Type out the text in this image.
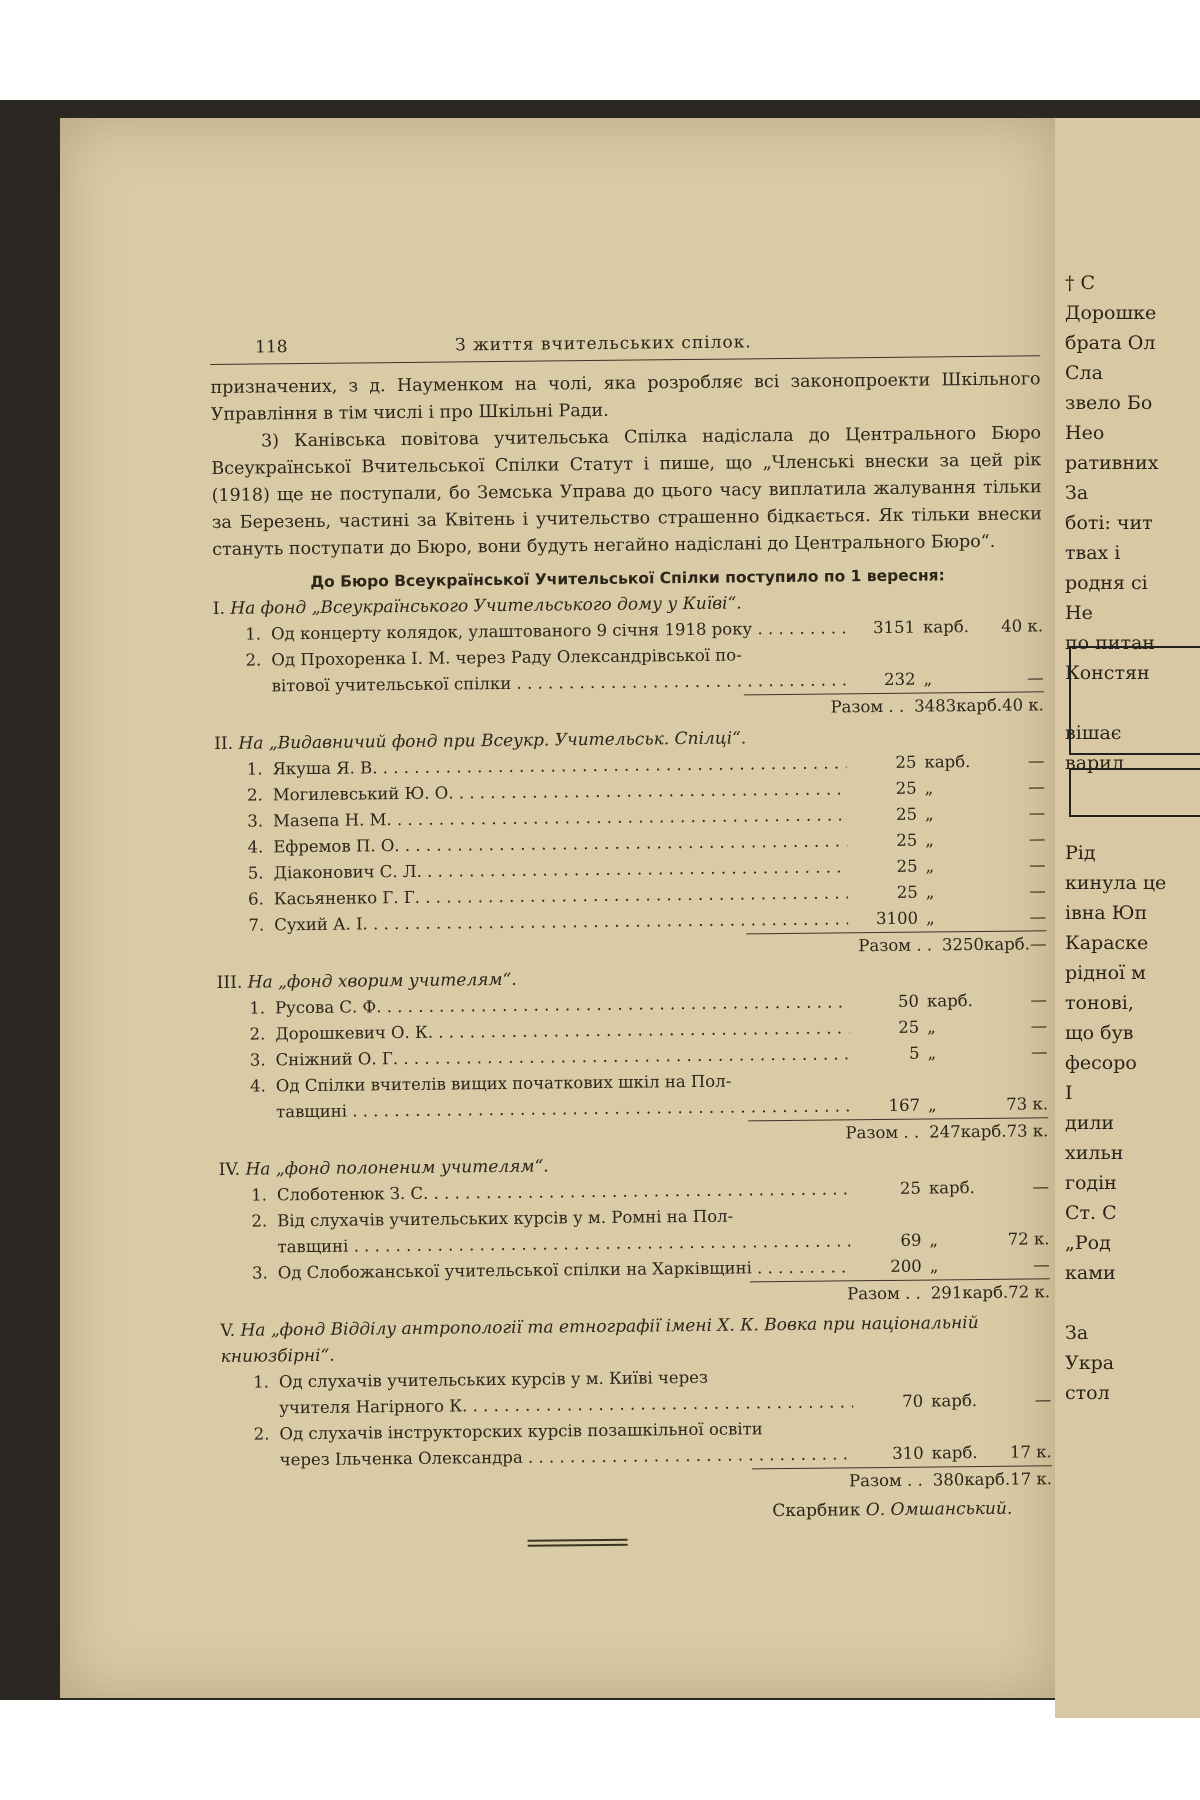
† С
Дорошке
брата Ол
Сла
звело Бо
Нео
ративних
За
боті: чит
твах і
родня сі
Не
по питан
Констян
вішає
варил
Рід
кинула це
івна Юп
Караске
рідної м
тонові,
що був
фесоро
І
дили
хильн
годін
Ст. С
„Род
ками
За
Укра
стол
118	З життя вчительських спілок.

призначених, з д. Науменком на чолі, яка розробляє всі законопроекти Шкільного Управління в тім числі і про Шкільні Ради.

3) Канівська повітова учительська Спілка надіслала до Центрального Бюро Всеукраїнської Вчительської Спілки Статут і пише, що „Членські внески за цей рік (1918) ще не поступали, бо Земська Управа до цього часу виплатила жалування тільки за Березень, частині за Квітень і учительство страшенно бідкається. Як тільки внески стануть поступати до Бюро, вони будуть негайно надіслані до Центрального Бюро“.

До Бюро Всеукраїнської Учительської Спілки поступило по 1 вересня:
I. На фонд „Всеукраїнського Учительського дому у Київі“.
1. Од концерту колядок, улаштованого 9 січня 1918 року . . .	3151 карб.	40 к.
2. Од Прохоренка І. М. через Раду Олександрівської по-
вітової учительської спілки . . .	232 „	—
Разом . . 3483 карб. 40 к.
II. На „Видавничий фонд при Всеукр. Учительськ. Спілці“.
1. Якуша Я. В. . . .	25 карб.	—
2. Могилевський Ю. О. . . .	25 „	—
3. Мазепа Н. М. . . .	25 „	—
4. Ефремов П. О. . . .	25 „	—
5. Діаконович С. Л. . . .	25 „	—
6. Касьяненко Г. Г. . . .	25 „	—
7. Сухий А. І. . . .	3100 „	—
Разом . . 3250 карб. —
III. На „фонд хворим учителям“.
1. Русова С. Ф. . . .	50 карб.	—
2. Дорошкевич О. К. . . .	25 „	—
3. Сніжний О. Г. . . .	5 „	—
4. Од Спілки вчителів вищих початкових шкіл на Пол-
тавщині . . .	167 „	73 к.
Разом . . 247 карб. 73 к.
IV. На „фонд полоненим учителям“.
1. Слоботенюк З. С. . . .	25 карб.	—
2. Від слухачів учительських курсів у м. Ромні на Пол-
тавщині . . .	69 „	72 к.
3. Од Слобожанської учительської спілки на Харківщині . . .	200 „	—
Разом . . 291 карб. 72 к.
V. На „фонд Відділу антропології та етнографії імені Х. К. Вовка при національній книюзбірні“.
1. Од слухачів учительських курсів у м. Київі через
учителя Нагірного К. . . .	70 карб.	—
2. Од слухачів інструкторских курсів позашкільної освіти
через Ільченка Олександра . . .	310 карб.	17 к.
Разом . . 380 карб. 17 к.
Скарбник О. Омшанський.
